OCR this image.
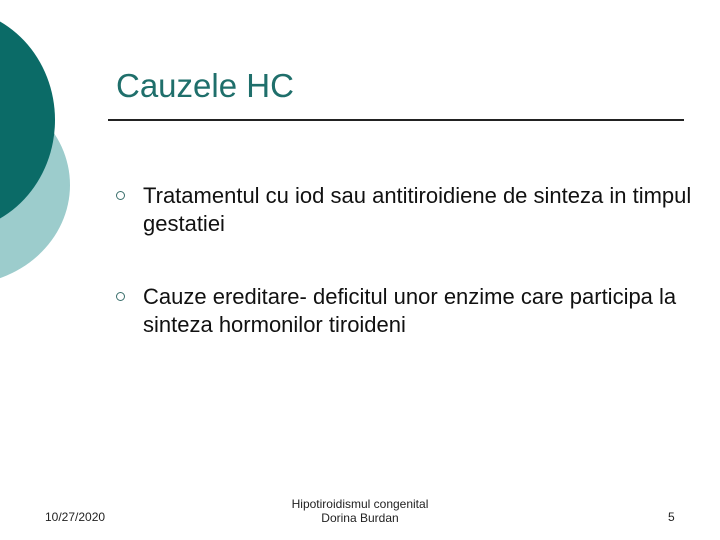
Cauzele HC
Tratamentul cu iod sau antitiroidiene de sinteza in timpul gestatiei
Cauze ereditare- deficitul unor enzime care participa la sinteza hormonilor tiroideni
10/27/2020
Hipotiroidismul congenital
Dorina Burdan	5
